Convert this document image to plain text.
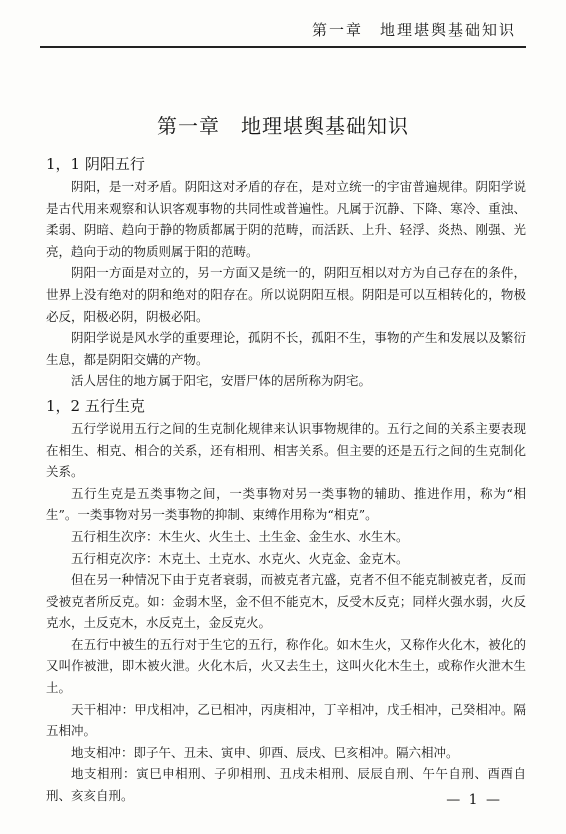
第一章　地理堪舆基础知识
第一章　地理堪舆基础知识
1，1 阴阳五行

阴阳，是一对矛盾。阴阳这对矛盾的存在，是对立统一的宇宙普遍规律。阴阳学说是古代用来观察和认识客观事物的共同性或普遍性。凡属于沉静、下降、寒冷、重浊、柔弱、阴暗、趋向于静的物质都属于阴的范畴，而活跃、上升、轻浮、炎热、刚强、光亮，趋向于动的物质则属于阳的范畴。

阴阳一方面是对立的，另一方面又是统一的，阴阳互相以对方为自己存在的条件，世界上没有绝对的阴和绝对的阳存在。所以说阴阳互根。阴阳是可以互相转化的，物极必反，阳极必阴，阴极必阳。

阴阳学说是风水学的重要理论，孤阴不长，孤阳不生，事物的产生和发展以及繁衍生息，都是阴阳交媾的产物。

活人居住的地方属于阳宅，安厝尸体的居所称为阴宅。

1，2 五行生克

五行学说用五行之间的生克制化规律来认识事物规律的。五行之间的关系主要表现在相生、相克、相合的关系，还有相刑、相害关系。但主要的还是五行之间的生克制化关系。

五行生克是五类事物之间，一类事物对另一类事物的辅助、推进作用，称为“相生”。一类事物对另一类事物的抑制、束缚作用称为“相克”。

五行相生次序：木生火、火生土、土生金、金生水、水生木。

五行相克次序：木克土、土克水、水克火、火克金、金克木。

但在另一种情况下由于克者衰弱，而被克者亢盛，克者不但不能克制被克者，反而受被克者所反克。如：金弱木坚，金不但不能克木，反受木反克；同样火强水弱，火反克水，土反克木，水反克土，金反克火。

在五行中被生的五行对于生它的五行，称作化。如木生火，又称作火化木，被化的又叫作被泄，即木被火泄。火化木后，火又去生土，这叫火化木生土，或称作火泄木生土。

天干相冲：甲戊相冲，乙已相冲，丙庚相冲，丁辛相冲，戊壬相冲，己癸相冲。隔五相冲。

地支相冲：即子午、丑未、寅申、卯酉、辰戌、巳亥相冲。隔六相冲。

地支相刑：寅巳申相刑、子卯相刑、丑戌未相刑、辰辰自刑、午午自刑、酉酉自刑、亥亥自刑。	— 1 —
